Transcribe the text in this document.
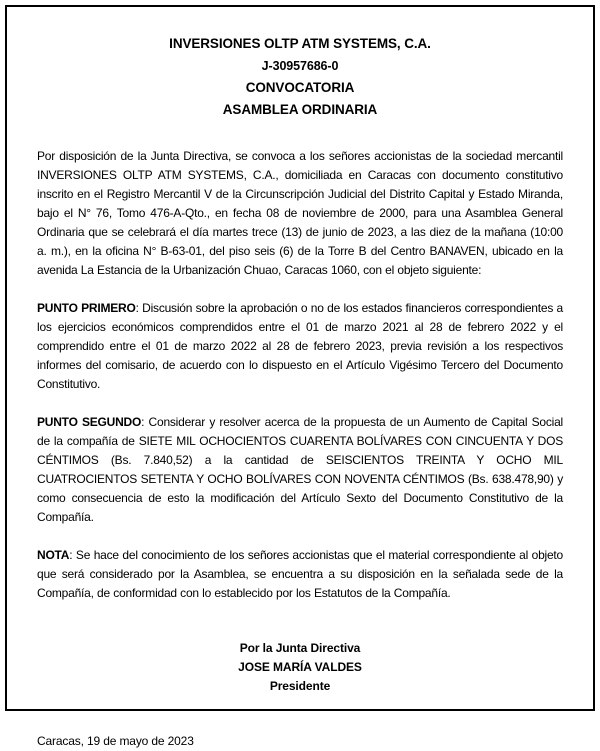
INVERSIONES OLTP ATM SYSTEMS, C.A.
J-30957686-0
CONVOCATORIA
ASAMBLEA ORDINARIA

Por disposición de la Junta Directiva, se convoca a los señores accionistas de la sociedad mercantil INVERSIONES OLTP ATM SYSTEMS, C.A., domiciliada en Caracas con documento constitutivo inscrito en el Registro Mercantil V de la Circunscripción Judicial del Distrito Capital y Estado Miranda, bajo el N° 76, Tomo 476-A-Qto., en fecha 08 de noviembre de 2000, para una Asamblea General Ordinaria que se celebrará el día martes trece (13) de junio de 2023, a las diez de la mañana (10:00 a. m.), en la oficina N° B-63-01, del piso seis (6) de la Torre B del Centro BANAVEN, ubicado en la avenida La Estancia de la Urbanización Chuao, Caracas 1060, con el objeto siguiente:

PUNTO PRIMERO: Discusión sobre la aprobación o no de los estados financieros correspondientes a los ejercicios económicos comprendidos entre el 01 de marzo 2021 al 28 de febrero 2022 y el comprendido entre el 01 de marzo 2022 al 28 de febrero 2023, previa revisión a los respectivos informes del comisario, de acuerdo con lo dispuesto en el Artículo Vigésimo Tercero del Documento Constitutivo.

PUNTO SEGUNDO: Considerar y resolver acerca de la propuesta de un Aumento de Capital Social de la compañía de SIETE MIL OCHOCIENTOS CUARENTA BOLÍVARES CON CINCUENTA Y DOS CÉNTIMOS (Bs. 7.840,52) a la cantidad de SEISCIENTOS TREINTA Y OCHO MIL CUATROCIENTOS SETENTA Y OCHO BOLÍVARES CON NOVENTA CÉNTIMOS (Bs. 638.478,90) y como consecuencia de esto la modificación del Artículo Sexto del Documento Constitutivo de la Compañía.

NOTA: Se hace del conocimiento de los señores accionistas que el material correspondiente al objeto que será considerado por la Asamblea, se encuentra a su disposición en la señalada sede de la Compañía, de conformidad con lo establecido por los Estatutos de la Compañía.

Por la Junta Directiva
JOSE MARÍA VALDES
Presidente
Caracas, 19 de mayo de 2023
